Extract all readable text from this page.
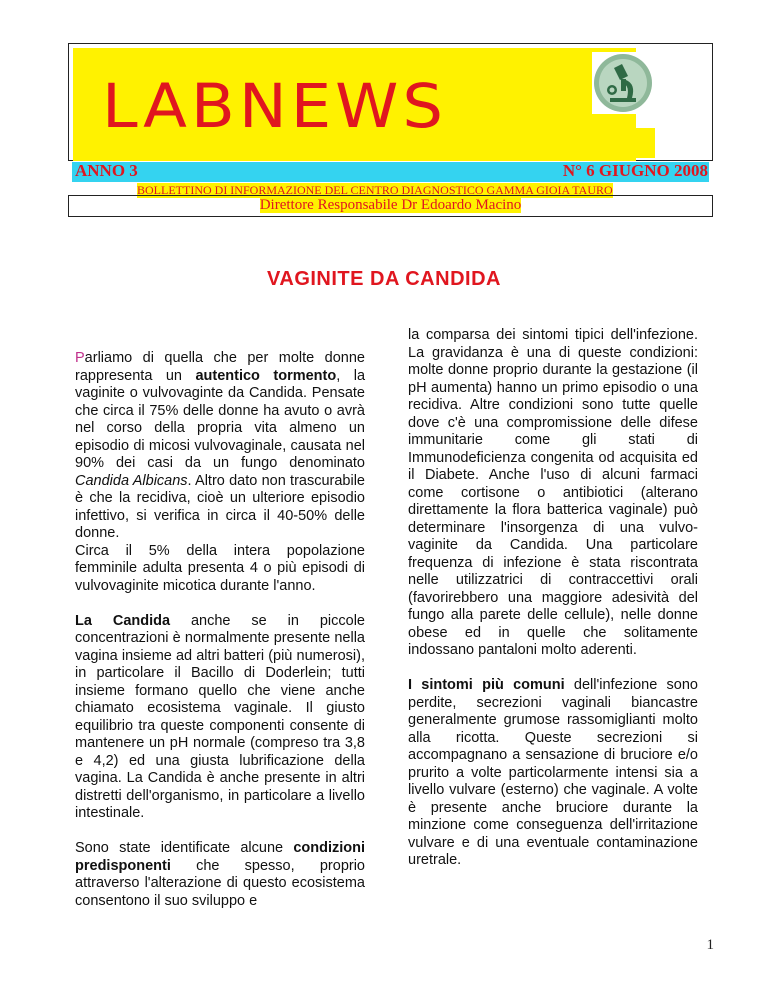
LABNEWS
ANNO 3	N° 6 GIUGNO 2008
BOLLETTINO DI INFORMAZIONE DEL CENTRO DIAGNOSTICO GAMMA GIOIA TAURO
Direttore Responsabile Dr Edoardo Macino
VAGINITE DA CANDIDA

Parliamo di quella che per molte donne rappresenta un autentico tormento, la vaginite o vulvovaginte da Candida. Pensate che circa il 75% delle donne ha avuto o avrà nel corso della propria vita almeno un episodio di micosi vulvovaginale, causata nel 90% dei casi da un fungo denominato Candida Albicans. Altro dato non trascurabile è che la recidiva, cioè un ulteriore episodio infettivo, si verifica in circa il 40-50% delle donne.

Circa il 5% della intera popolazione femminile adulta presenta 4 o più episodi di vulvovaginite micotica durante l'anno.

La Candida anche se in piccole concentrazioni è normalmente presente nella vagina insieme ad altri batteri (più numerosi), in particolare il Bacillo di Doderlein; tutti insieme formano quello che viene anche chiamato ecosistema vaginale. Il giusto equilibrio tra queste componenti consente di mantenere un pH normale (compreso tra 3,8 e 4,2) ed una giusta lubrificazione della vagina. La Candida è anche presente in altri distretti dell'organismo, in particolare a livello intestinale.

Sono state identificate alcune condizioni predisponenti che spesso, proprio attraverso l'alterazione di questo ecosistema consentono il suo sviluppo e

la comparsa dei sintomi tipici dell'infezione. La gravidanza è una di queste condizioni: molte donne proprio durante la gestazione (il pH aumenta) hanno un primo episodio o una recidiva. Altre condizioni sono tutte quelle dove c'è una compromissione delle difese immunitarie come gli stati di Immunodeficienza congenita od acquisita ed il Diabete. Anche l'uso di alcuni farmaci come cortisone o antibiotici (alterano direttamente la flora batterica vaginale) può determinare l'insorgenza di una vulvo-vaginite da Candida. Una particolare frequenza di infezione è stata riscontrata nelle utilizzatrici di contraccettivi orali (favorirebbero una maggiore adesività del fungo alla parete delle cellule), nelle donne obese ed in quelle che solitamente indossano pantaloni molto aderenti.

I sintomi più comuni dell'infezione sono perdite, secrezioni vaginali biancastre generalmente grumose rassomiglianti molto alla ricotta. Queste secrezioni si accompagnano a sensazione di bruciore e/o prurito a volte particolarmente intensi sia a livello vulvare (esterno) che vaginale. A volte è presente anche bruciore durante la minzione come conseguenza dell'irritazione vulvare e di una eventuale contaminazione uretrale.

1
